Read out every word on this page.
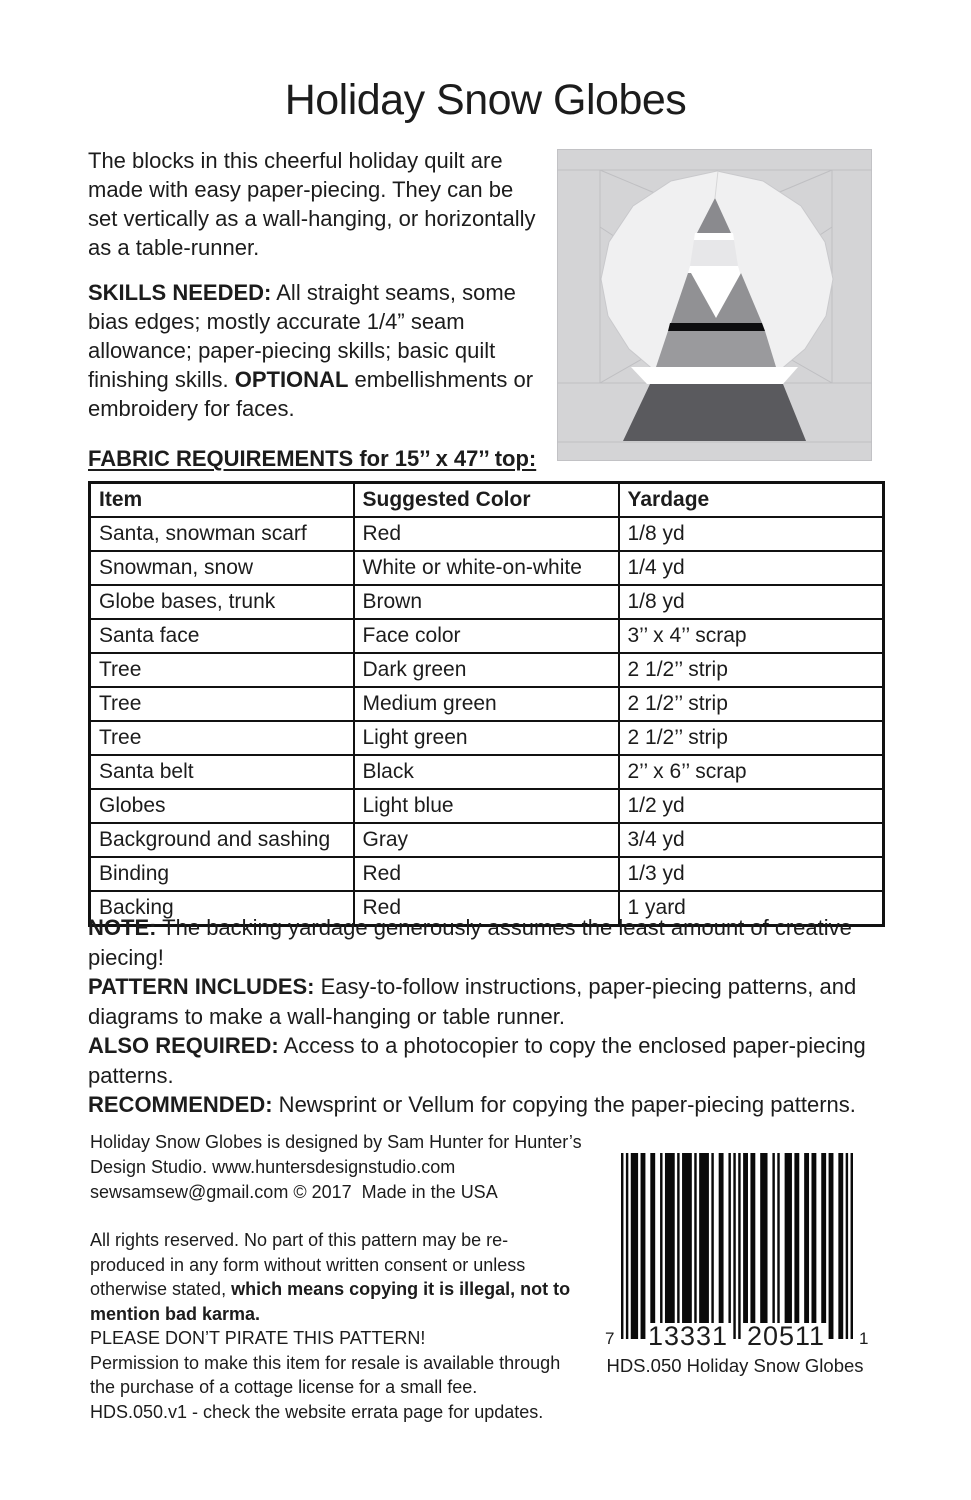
Holiday Snow Globes
The blocks in this cheerful holiday quilt are made with easy paper-piecing. They can be set vertically as a wall-hanging, or horizontally as a table-runner.
SKILLS NEEDED: All straight seams, some bias edges; mostly accurate 1/4” seam allowance; paper-piecing skills; basic quilt finishing skills. OPTIONAL embellishments or embroidery for faces.
FABRIC REQUIREMENTS for 15’’ x 47’’ top:
Item	Suggested Color	Yardage
Santa, snowman scarf	Red	1/8 yd
Snowman, snow	White or white-on-white	1/4 yd
Globe bases, trunk	Brown	1/8 yd
Santa face	Face color	3’’ x 4’’ scrap
Tree	Dark green	2 1/2’’ strip
Tree	Medium green	2 1/2’’ strip
Tree	Light green	2 1/2’’ strip
Santa belt	Black	2’’ x 6’’ scrap
Globes	Light blue	1/2 yd
Background and sashing	Gray	3/4 yd
Binding	Red	1/3 yd
Backing	Red	1 yard

NOTE: The backing yardage generously assumes the least amount of creative piecing!

PATTERN INCLUDES: Easy-to-follow instructions, paper-piecing patterns, and diagrams to make a wall-hanging or table runner.

ALSO REQUIRED: Access to a photocopier to copy the enclosed paper-piecing patterns.

RECOMMENDED: Newsprint or Vellum for copying the paper-piecing patterns.

Holiday Snow Globes is designed by Sam Hunter for Hunter’s
Design Studio. www.huntersdesignstudio.com
sewsamsew@gmail.com © 2017  Made in the USA
All rights reserved. No part of this pattern may be re-
produced in any form without written consent or unless
otherwise stated, which means copying it is illegal, not to
mention bad karma.
PLEASE DON’T PIRATE THIS PATTERN!
Permission to make this item for resale is available through
the purchase of a cottage license for a small fee.
HDS.050.v1 - check the website errata page for updates.
7 13331 20511 1
HDS.050 Holiday Snow Globes
